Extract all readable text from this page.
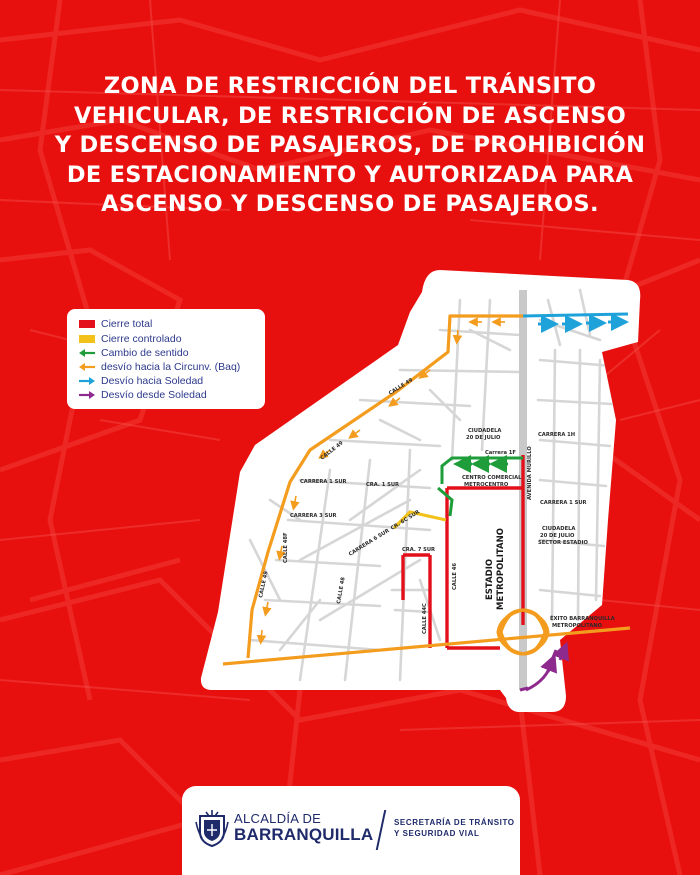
ZONA DE RESTRICCIÓN DEL TRÁNSITO
VEHICULAR, DE RESTRICCIÓN DE ASCENSO
Y DESCENSO DE PASAJEROS, DE PROHIBICIÓN
DE ESTACIONAMIENTO Y AUTORIZADA PARA
ASCENSO Y DESCENSO DE PASAJEROS.
CALLE 49
CALLE 49
CALLE 49
CIUDADELA
20 DE JULIO
Carrera 1F
CARRERA 1H
AVENIDA MURILLO
CENTRO COMERCIAL
METROCENTRO
CARRERA 1 SUR	CRA. 1 SUR
CARRERA 1 SUR
CARRERA 3 SUR
CARRERA 6 SUR
CR. 6C SUR	CIUDADELA
20 DE JULIO
SECTOR ESTADIO
CRA. 7 SUR
CALLE 46
CALLE 48F
CALLE 48
CALLE 44C	ÉXITO BARRANQUILLA
METROPOLITANO
ESTADIO METROPOLITANO
Cierre total
Cierre controlado
Cambio de sentido
desvío hacia la Circunv. (Baq)
Desvío hacia Soledad
Desvío desde Soledad
ALCALDÍA DE
BARRANQUILLA
SECRETARÍA DE TRÁNSITO
Y SEGURIDAD VIAL
